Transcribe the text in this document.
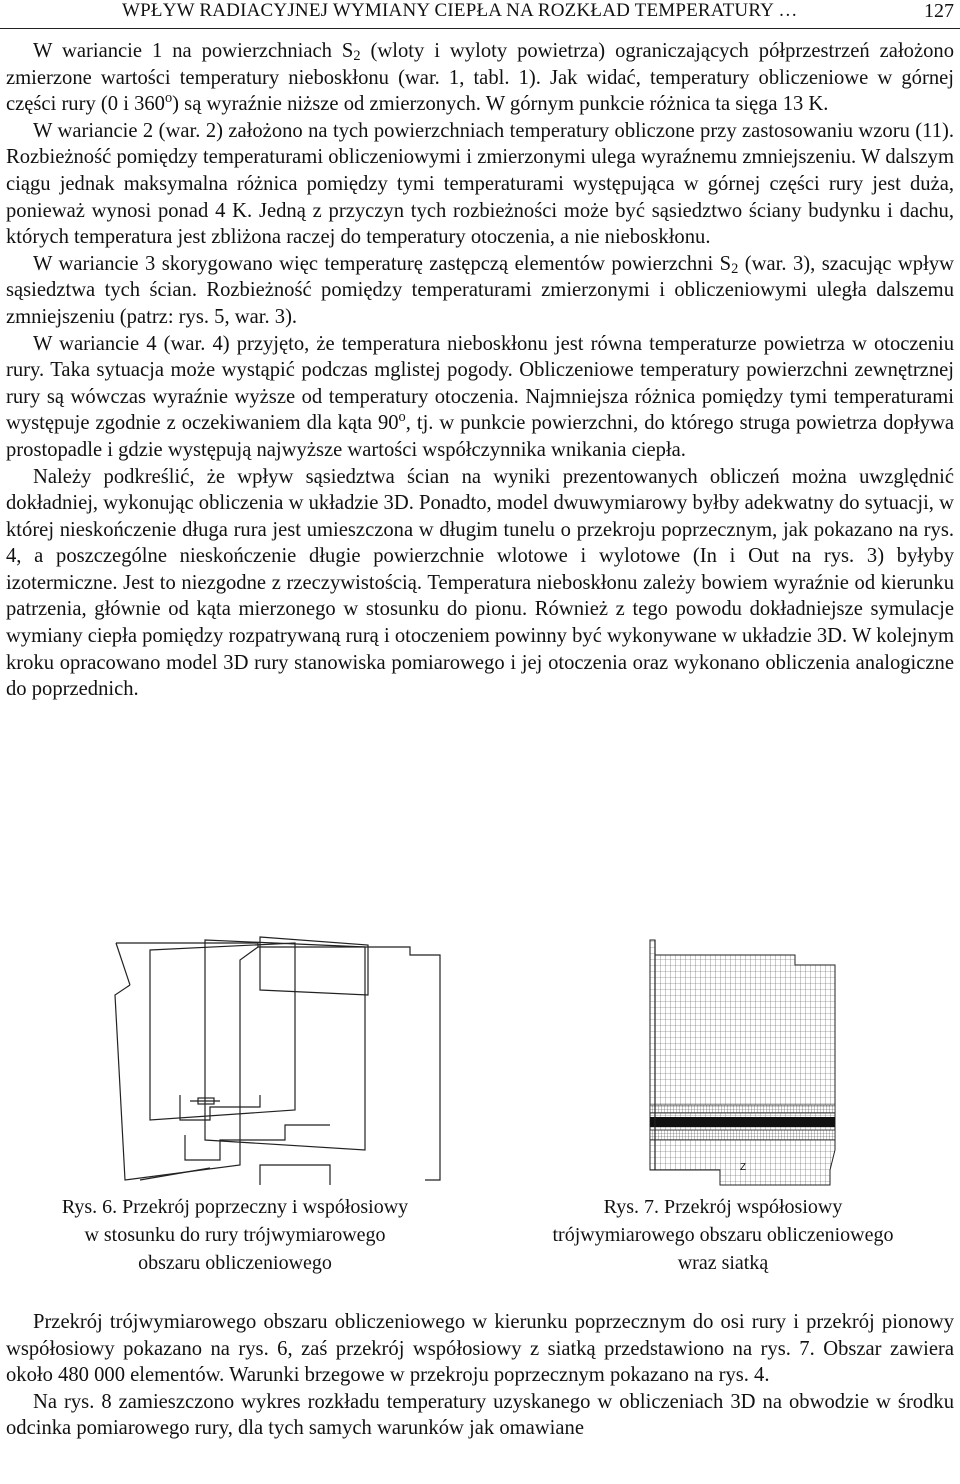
WPŁYW RADIACYJNEJ WYMIANY CIEPŁA NA ROZKŁAD TEMPERATURY …	127

W wariancie 1 na powierzchniach $S_2$ (wloty i wyloty powietrza) ograniczających półprzestrzeń założono zmierzone wartości temperatury nieboskłonu (war. 1, tabl. 1). Jak widać, temperatury obliczeniowe w górnej części rury (0 i 360$^o$) są wyraźnie niższe od zmierzonych. W górnym punkcie różnica ta sięga 13 K.

W wariancie 2 (war. 2) założono na tych powierzchniach temperatury obliczone przy zastosowaniu wzoru (11). Rozbieżność pomiędzy temperaturami obliczeniowymi i zmierzonymi ulega wyraźnemu zmniejszeniu. W dalszym ciągu jednak maksymalna różnica pomiędzy tymi temperaturami występująca w górnej części rury jest duża, ponieważ wynosi ponad 4 K. Jedną z przyczyn tych rozbieżności może być sąsiedztwo ściany budynku i dachu, których temperatura jest zbliżona raczej do temperatury otoczenia, a nie nieboskłonu.

W wariancie 3 skorygowano więc temperaturę zastępczą elementów powierzchni $S_2$ (war. 3), szacując wpływ sąsiedztwa tych ścian. Rozbieżność pomiędzy temperaturami zmierzonymi i obliczeniowymi uległa dalszemu zmniejszeniu (patrz: rys. 5, war. 3).

W wariancie 4 (war. 4) przyjęto, że temperatura nieboskłonu jest równa temperaturze powietrza w otoczeniu rury. Taka sytuacja może wystąpić podczas mglistej pogody. Obliczeniowe temperatury powierzchni zewnętrznej rury są wówczas wyraźnie wyższe od temperatury otoczenia. Najmniejsza różnica pomiędzy tymi temperaturami występuje zgodnie z oczekiwaniem dla kąta 90$^o$, tj. w punkcie powierzchni, do którego struga powietrza dopływa prostopadle i gdzie występują najwyższe wartości współczynnika wnikania ciepła.

Należy podkreślić, że wpływ sąsiedztwa ścian na wyniki prezentowanych obliczeń można uwzględnić dokładniej, wykonując obliczenia w układzie 3D. Ponadto, model dwuwymiarowy byłby adekwatny do sytuacji, w której nieskończenie długa rura jest umieszczona w długim tunelu o przekroju poprzecznym, jak pokazano na rys. 4, a poszczególne nieskończenie długie powierzchnie wlotowe i wylotowe (In i Out na rys. 3) byłyby izotermiczne. Jest to niezgodne z rzeczywistością. Temperatura nieboskłonu zależy bowiem wyraźnie od kierunku patrzenia, głównie od kąta mierzonego w stosunku do pionu. Również z tego powodu dokładniejsze symulacje wymiany ciepła pomiędzy rozpatrywaną rurą i otoczeniem powinny być wykonywane w układzie 3D. W kolejnym kroku opracowano model 3D rury stanowiska pomiarowego i jej otoczenia oraz wykonano obliczenia analogiczne do poprzednich.

Z
Rys. 6. Przekrój poprzeczny i współosiowy
w stosunku do rury trójwymiarowego
obszaru obliczeniowego
Rys. 7. Przekrój współosiowy
trójwymiarowego obszaru obliczeniowego
wraz siatką

Przekrój trójwymiarowego obszaru obliczeniowego w kierunku poprzecznym do osi rury i przekrój pionowy współosiowy pokazano na rys. 6, zaś przekrój współosiowy z siatką przedstawiono na rys. 7. Obszar zawiera około 480 000 elementów. Warunki brzegowe w przekroju poprzecznym pokazano na rys. 4.

Na rys. 8 zamieszczono wykres rozkładu temperatury uzyskanego w obliczeniach 3D na obwodzie w środku odcinka pomiarowego rury, dla tych samych warunków jak omawiane
